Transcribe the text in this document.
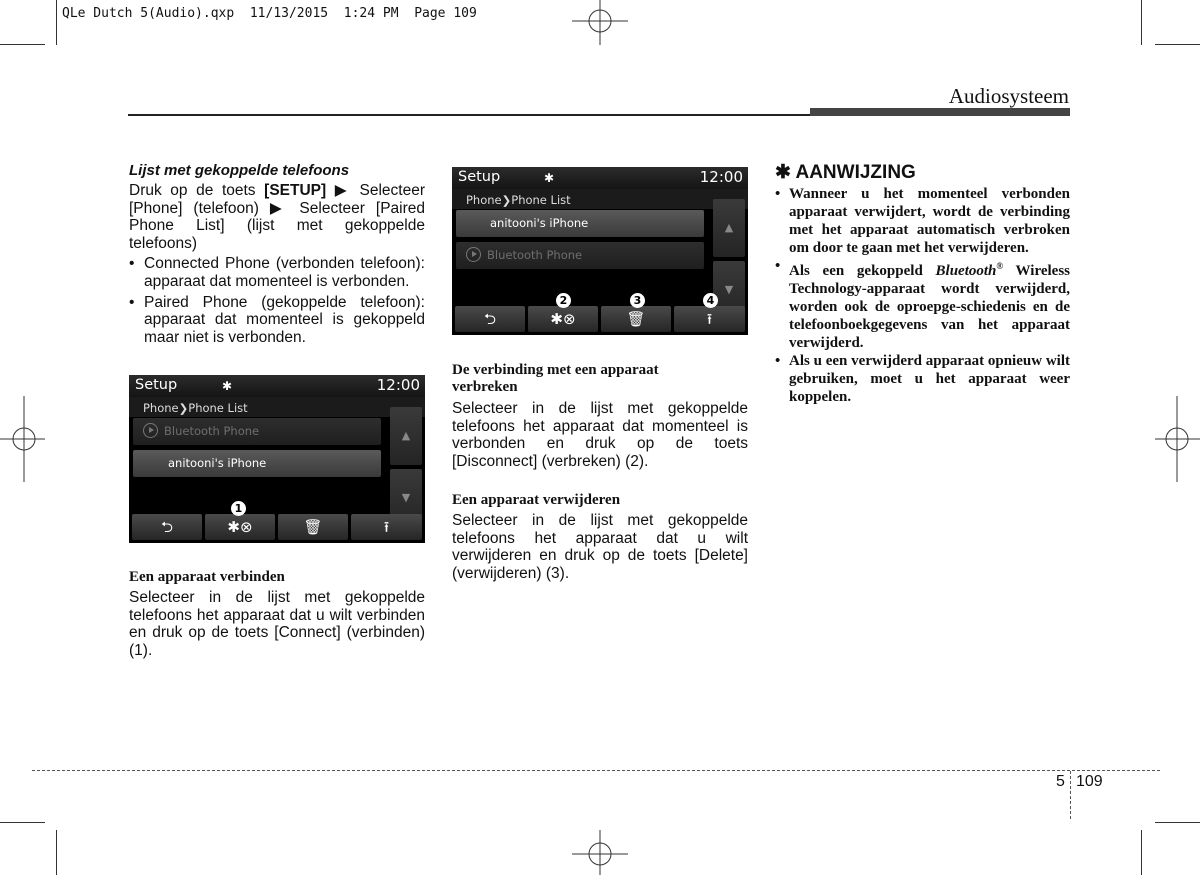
QLe Dutch 5(Audio).qxp  11/13/2015  1:24 PM  Page 109
Audiosysteem
Lijst met gekoppelde telefoons

Druk op de toets [SETUP] ▶ Selecteer [Phone] (telefoon) ▶ Selecteer [Paired Phone List] (lijst met gekoppelde telefoons)

• Connected Phone (verbonden telefoon): apparaat dat momenteel is verbonden.
• Paired Phone (gekoppelde telefoon): apparaat dat momenteel is gekoppeld maar niet is verbonden.
Setup	✱	12:00
Phone❯Phone List
Bluetooth Phone
anitooni's iPhone
▲
▼
⮌	✱⊗	🗑	⭱
1
Een apparaat verbinden
Selecteer in de lijst met gekoppelde telefoons het apparaat dat u wilt verbinden en druk op de toets [Connect] (verbinden) (1).
Setup	✱	12:00
Phone❯Phone List
anitooni's iPhone
Bluetooth Phone
▲
▼
⮌	✱⊗	🗑	⭱
2	3	4
De verbinding met een apparaat verbreken
Selecteer in de lijst met gekoppelde telefoons het apparaat dat momenteel is verbonden en druk op de toets [Disconnect] (verbreken) (2).
Een apparaat verwijderen
Selecteer in de lijst met gekoppelde telefoons het apparaat dat u wilt verwijderen en druk op de toets [Delete] (verwijderen) (3).
✱ AANWIJZING
• Wanneer u het momenteel verbonden apparaat verwijdert, wordt de verbinding met het apparaat automatisch verbroken om door te gaan met het verwijderen.
• Als een gekoppeld Bluetooth® Wireless Technology-apparaat wordt verwijderd, worden ook de oproepge-schiedenis en de telefoonboekgegevens van het apparaat verwijderd.
• Als u een verwijderd apparaat opnieuw wilt gebruiken, moet u het apparaat weer koppelen.
5 109
